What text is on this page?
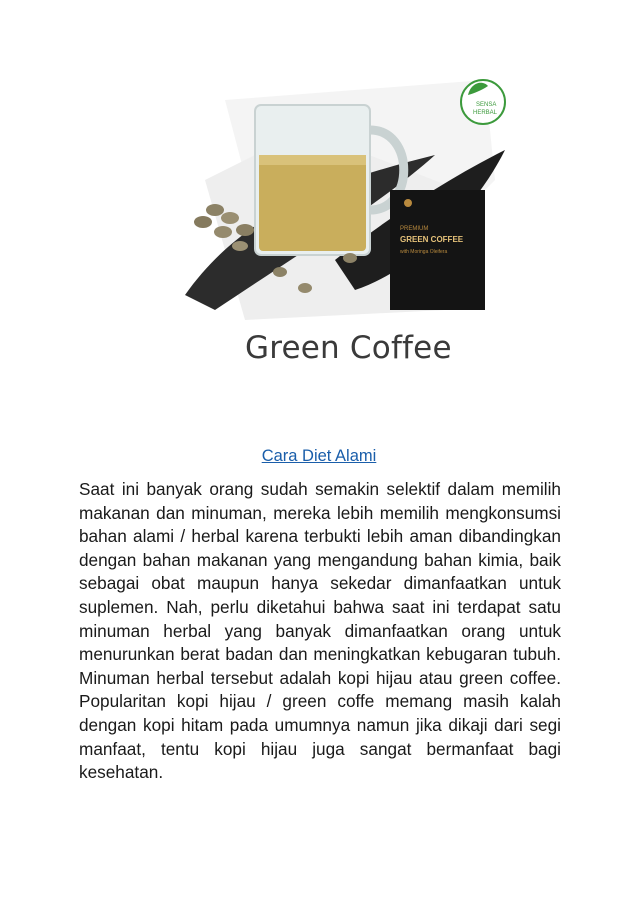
PREMIUM
GREEN COFFEE
with Moringa Oleifera
SENSA
HERBAL
Green Coffee
Cara Diet Alami

Saat ini banyak orang sudah semakin selektif dalam memilih makanan dan minuman, mereka lebih memilih mengkonsumsi bahan alami / herbal karena terbukti lebih aman dibandingkan dengan bahan makanan yang mengandung bahan kimia, baik sebagai obat maupun hanya sekedar dimanfaatkan untuk suplemen. Nah, perlu diketahui bahwa saat ini terdapat satu minuman herbal yang banyak dimanfaatkan orang untuk menurunkan berat badan dan meningkatkan kebugaran tubuh. Minuman herbal tersebut adalah kopi hijau atau green coffee. Popularitan kopi hijau / green coffe memang masih kalah dengan kopi hitam pada umumnya namun jika dikaji dari segi manfaat, tentu kopi hijau juga sangat bermanfaat bagi kesehatan.
